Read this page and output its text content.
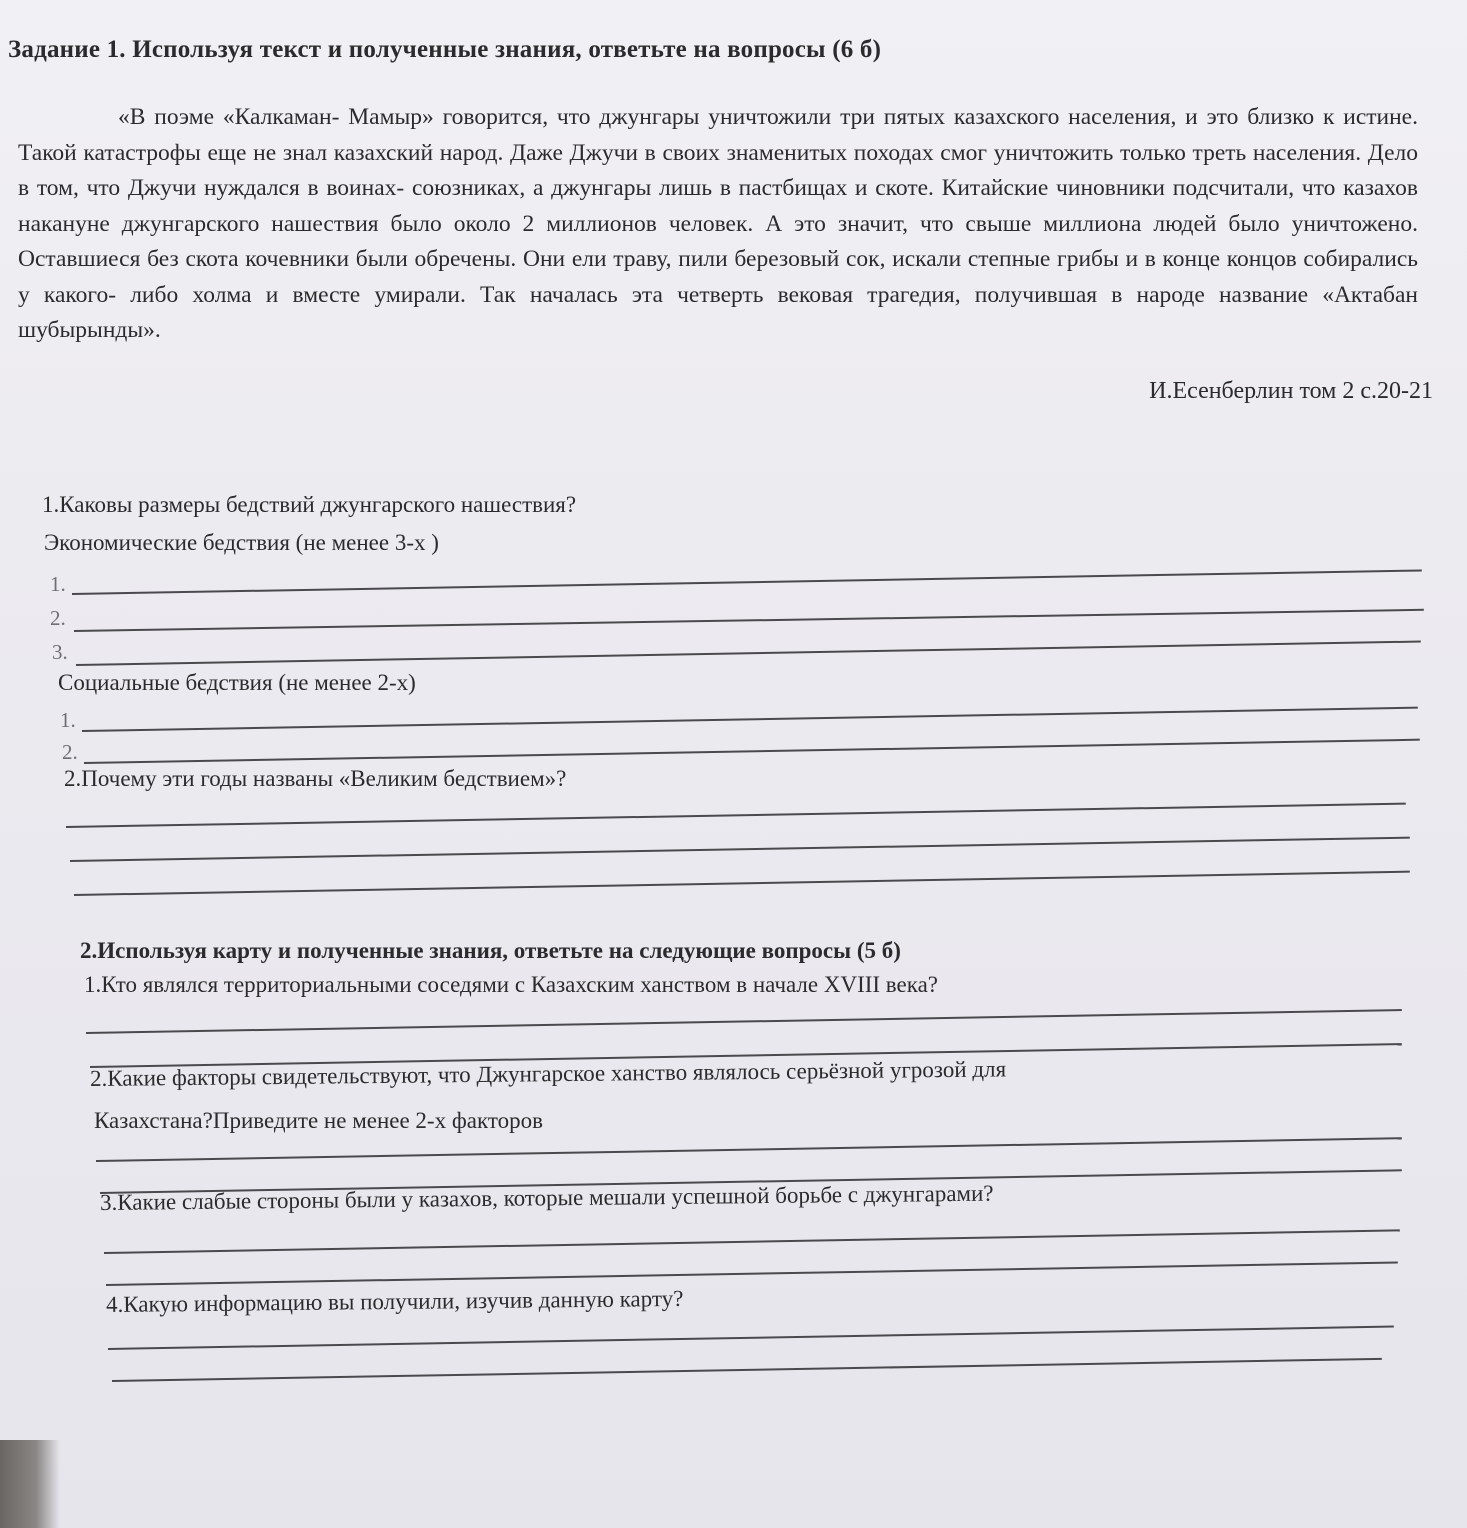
Задание 1. Используя текст и полученные знания, ответьте на вопросы (6 б)
«В поэме «Калкаман- Мамыр» говорится, что джунгары уничтожили три пятых казахского населения, и это близко к истине. Такой катастрофы еще не знал казахский народ. Даже Джучи в своих знаменитых походах смог уничтожить только треть населения. Дело в том, что Джучи нуждался в воинах- союзниках, а джунгары лишь в пастбищах и скоте. Китайские чиновники подсчитали, что казахов накануне джунгарского нашествия было около 2 миллионов человек. А это значит, что свыше миллиона людей было уничтожено. Оставшиеся без скота кочевники были обречены. Они ели траву, пили березовый сок, искали степные грибы и в конце концов собирались у какого- либо холма и вместе умирали. Так началась эта четверть вековая трагедия, получившая в народе название «Актабан шубырынды».
И.Есенберлин том 2 с.20-21
1.Каковы размеры бедствий джунгарского нашествия?
Экономические бедствия (не менее 3-х )
1.
2.
3.
Социальные бедствия (не менее 2-х)
1.
2.
2.Почему эти годы названы «Великим бедствием»?
2.Используя карту и полученные знания, ответьте на следующие вопросы (5 б)
1.Кто являлся территориальными соседями с Казахским ханством в начале XVIII века?
2.Какие факторы свидетельствуют, что Джунгарское ханство являлось серьёзной угрозой для
Казахстана?Приведите не менее 2-х факторов
3.Какие слабые стороны были у казахов, которые мешали успешной борьбе с джунгарами?
4.Какую информацию вы получили, изучив данную карту?
